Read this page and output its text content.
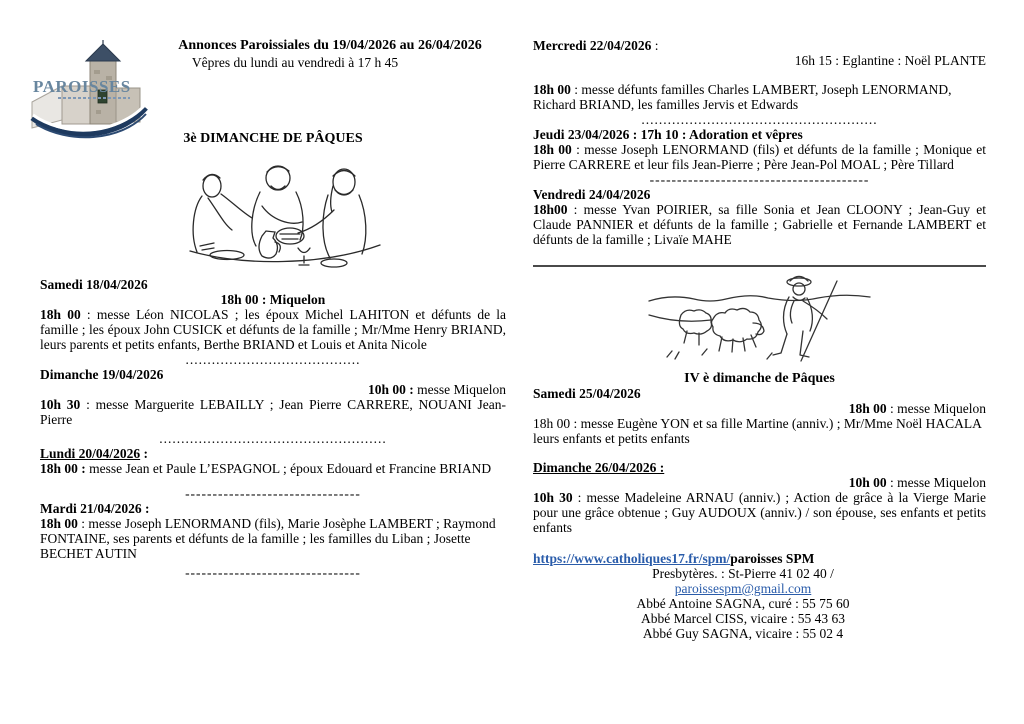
PAROISSES
Annonces Paroissiales du 19/04/2026 au 26/04/2026
Vêpres du lundi au vendredi à 17 h 45
3è DIMANCHE DE PÂQUES

Samedi 18/04/2026

18h 00 : Miquelon

18h 00 : messe Léon NICOLAS ; les époux Michel LAHITON et défunts de la famille ; les époux John CUSICK et défunts de la famille ; Mr/Mme Henry BRIAND, leurs parents et petits enfants, Berthe BRIAND et Louis et Anita Nicole

........................................

Dimanche 19/04/2026

10h 00 : messe Miquelon

10h 30 : messe Marguerite LEBAILLY ; Jean Pierre CARRERE, NOUANI Jean-Pierre

....................................................

Lundi 20/04/2026 :

18h 00 : messe Jean et Paule L’ESPAGNOL ; époux Edouard et Francine BRIAND

--------------------------------

Mardi 21/04/2026 :

18h 00 : messe Joseph LENORMAND (fils), Marie Josèphe LAMBERT ; Raymond FONTAINE, ses parents et défunts de la famille ; les familles du Liban ; Josette BECHET AUTIN

--------------------------------

Mercredi 22/04/2026 :

16h 15 : Eglantine : Noël PLANTE

18h 00 : messe défunts familles Charles LAMBERT, Joseph LENORMAND, Richard BRIAND, les familles Jervis et Edwards

......................................................

Jeudi 23/04/2026 : 17h 10 : Adoration et vêpres

18h 00 : messe Joseph LENORMAND (fils) et défunts de la famille ; Monique et Pierre CARRERE et leur fils Jean-Pierre ; Père Jean-Pol MOAL ; Père Tillard

----------------------------------------

Vendredi 24/04/2026

18h00 : messe Yvan POIRIER, sa fille Sonia et Jean CLOONY ; Jean-Guy et Claude PANNIER et défunts de la famille ; Gabrielle et Fernande LAMBERT et défunts de la famille ; Livaïe MAHE

IV è dimanche de Pâques

Samedi 25/04/2026

18h 00 : messe Miquelon

18h 00 : messe Eugène YON et sa fille Martine (anniv.) ; Mr/Mme Noël HACALA leurs enfants et petits enfants

Dimanche 26/04/2026 :

10h 00 : messe Miquelon

10h 30 : messe Madeleine ARNAU (anniv.) ; Action de grâce à la Vierge Marie pour une grâce obtenue ; Guy AUDOUX (anniv.) / son épouse, ses enfants et petits enfants

https://www.catholiques17.fr/spm/paroisses SPM

Presbytères. : St-Pierre 41 02 40 /

paroissespm@gmail.com

Abbé Antoine SAGNA, curé : 55 75 60

Abbé Marcel CISS, vicaire : 55 43 63

Abbé Guy SAGNA, vicaire : 55 02 4
